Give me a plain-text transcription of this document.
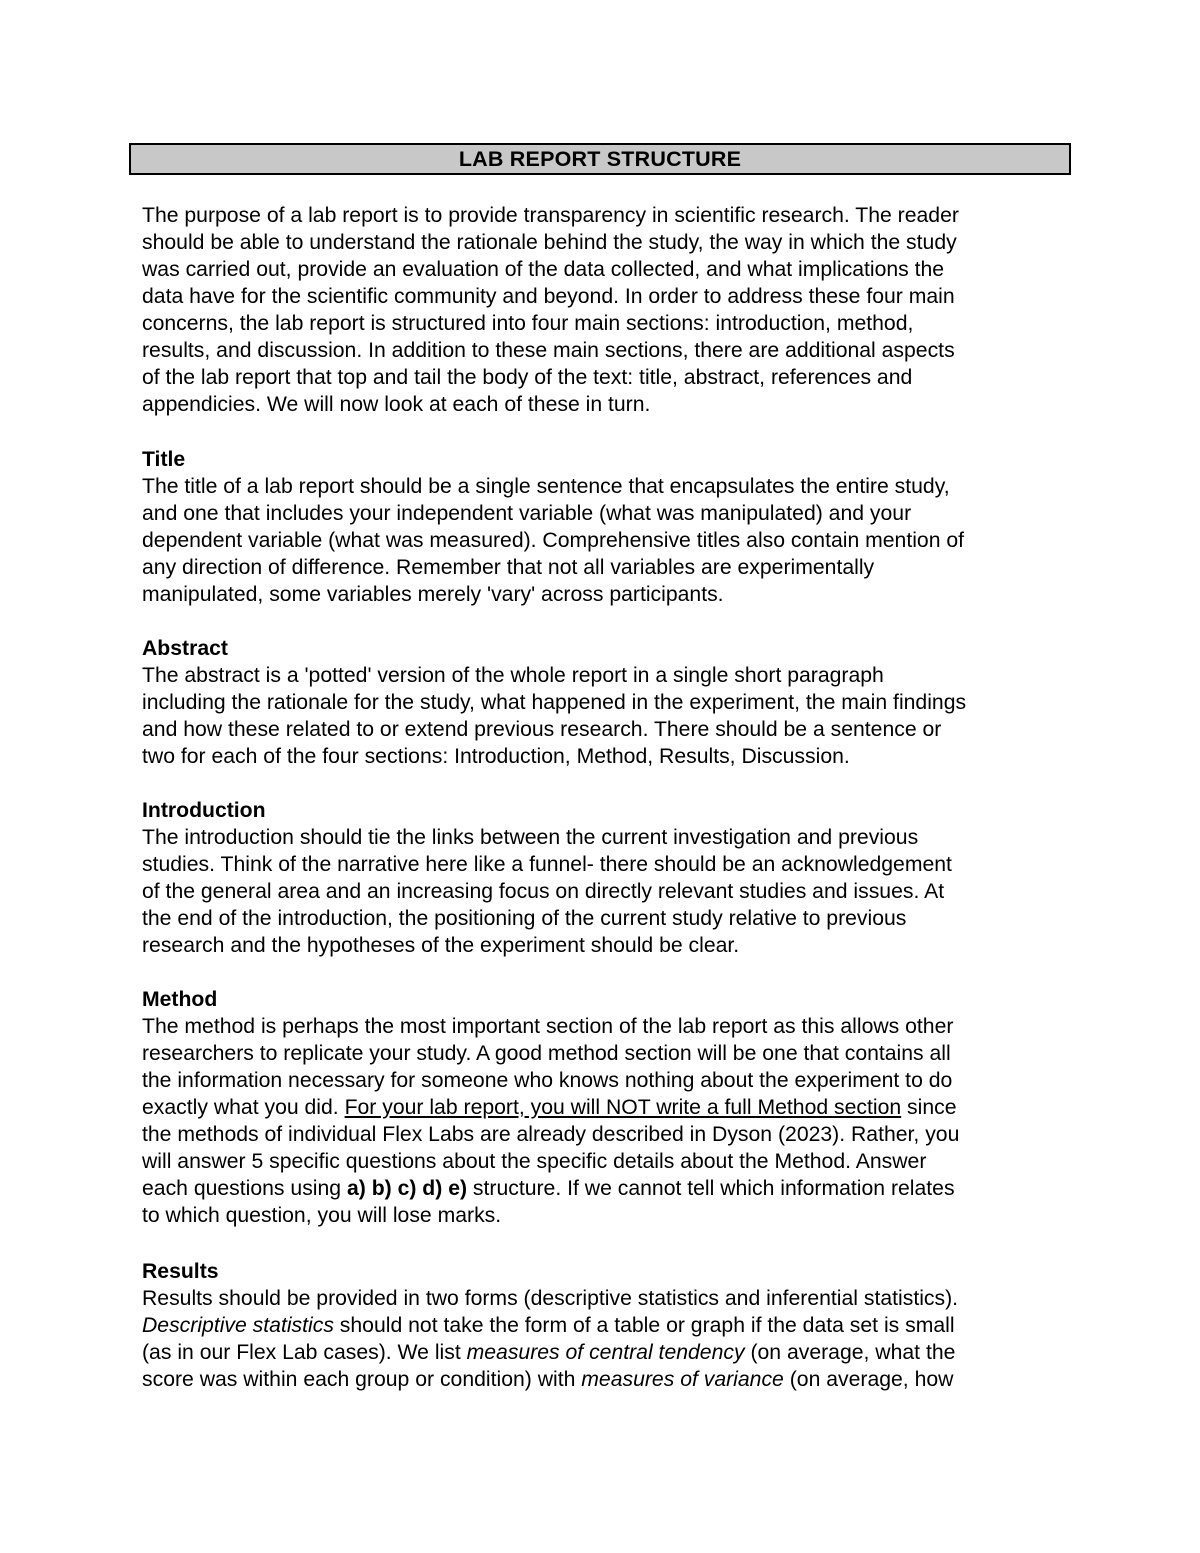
LAB REPORT STRUCTURE
The purpose of a lab report is to provide transparency in scientific research. The reader
should be able to understand the rationale behind the study, the way in which the study
was carried out, provide an evaluation of the data collected, and what implications the
data have for the scientific community and beyond. In order to address these four main
concerns, the lab report is structured into four main sections: introduction, method,
results, and discussion. In addition to these main sections, there are additional aspects
of the lab report that top and tail the body of the text: title, abstract, references and
appendicies. We will now look at each of these in turn.
Title
The title of a lab report should be a single sentence that encapsulates the entire study,
and one that includes your independent variable (what was manipulated) and your
dependent variable (what was measured). Comprehensive titles also contain mention of
any direction of difference. Remember that not all variables are experimentally
manipulated, some variables merely 'vary' across participants.
Abstract
The abstract is a 'potted' version of the whole report in a single short paragraph
including the rationale for the study, what happened in the experiment, the main findings
and how these related to or extend previous research. There should be a sentence or
two for each of the four sections: Introduction, Method, Results, Discussion.
Introduction
The introduction should tie the links between the current investigation and previous
studies. Think of the narrative here like a funnel- there should be an acknowledgement
of the general area and an increasing focus on directly relevant studies and issues. At
the end of the introduction, the positioning of the current study relative to previous
research and the hypotheses of the experiment should be clear.
Method
The method is perhaps the most important section of the lab report as this allows other
researchers to replicate your study. A good method section will be one that contains all
the information necessary for someone who knows nothing about the experiment to do
exactly what you did. For your lab report, you will NOT write a full Method section since
the methods of individual Flex Labs are already described in Dyson (2023). Rather, you
will answer 5 specific questions about the specific details about the Method. Answer
each questions using a) b) c) d) e) structure. If we cannot tell which information relates
to which question, you will lose marks.
Results
Results should be provided in two forms (descriptive statistics and inferential statistics).
Descriptive statistics should not take the form of a table or graph if the data set is small
(as in our Flex Lab cases). We list measures of central tendency (on average, what the
score was within each group or condition) with measures of variance (on average, how
